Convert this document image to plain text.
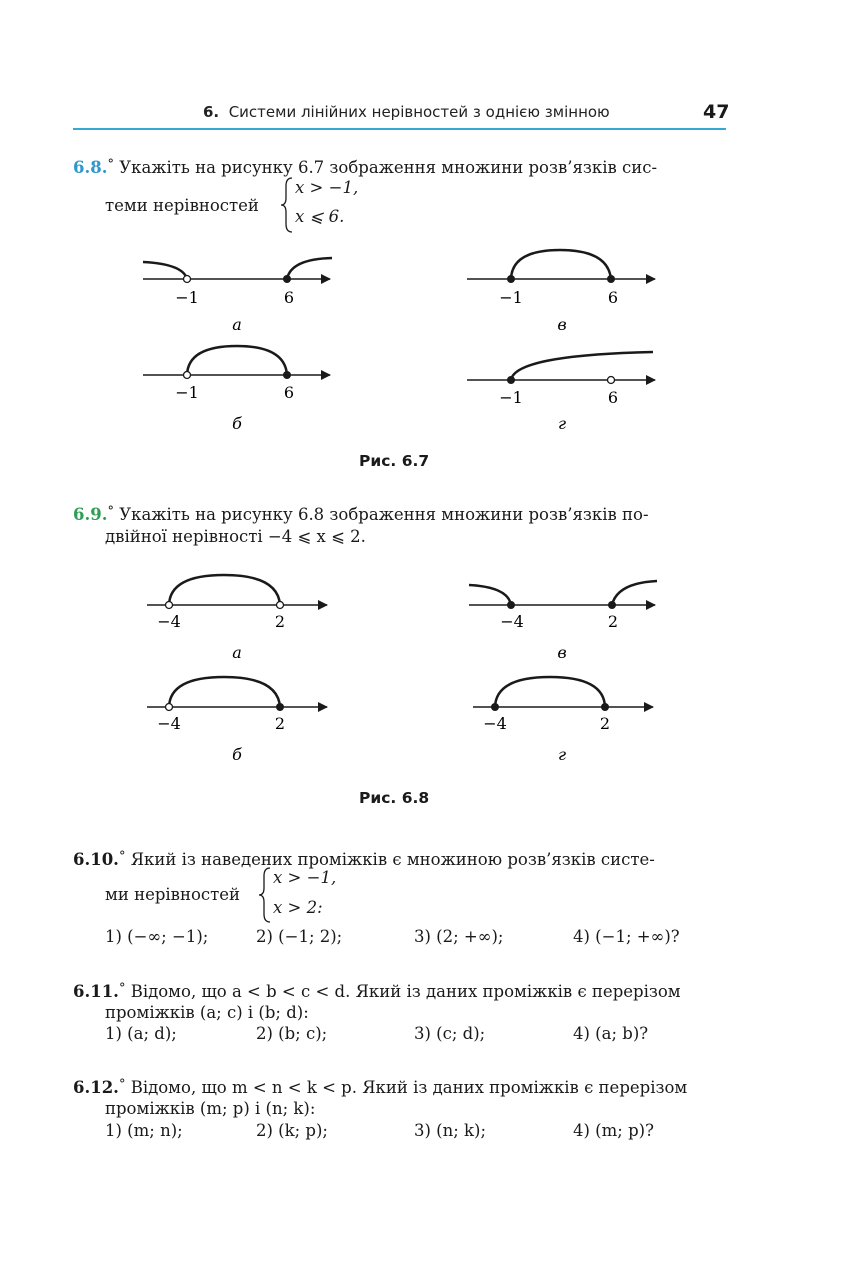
6. Системи лінійних нерівностей з однією змінною	47
6.8.° Укажіть на рисунку 6.7 зображення множини розв’язків сис-
теми нерівностей
x > −1,
x ⩽ 6.
−1	6
а
−1	6
в
−1	6
б
−1	6
г
Рис. 6.7
6.9.° Укажіть на рисунку 6.8 зображення множини розв’язків по-
двійної нерівності −4 ⩽ x ⩽ 2.
−4	2
а
−4	2
в
−4	2
б
−4	2
г
Рис. 6.8
6.10.° Який із наведених проміжків є множиною розв’язків систе-
ми нерівностей
x > −1,
x > 2:
1) (−∞; −1);	2) (−1; 2);	3) (2; +∞);	4) (−1; +∞)?
6.11.° Відомо, що a < b < c < d. Який із даних проміжків є перерізом
проміжків (a; c) і (b; d):
1) (a; d);	2) (b; c);	3) (c; d);	4) (a; b)?
6.12.° Відомо, що m < n < k < p. Який із даних проміжків є перерізом
проміжків (m; p) і (n; k):
1) (m; n);	2) (k; p);	3) (n; k);	4) (m; p)?
